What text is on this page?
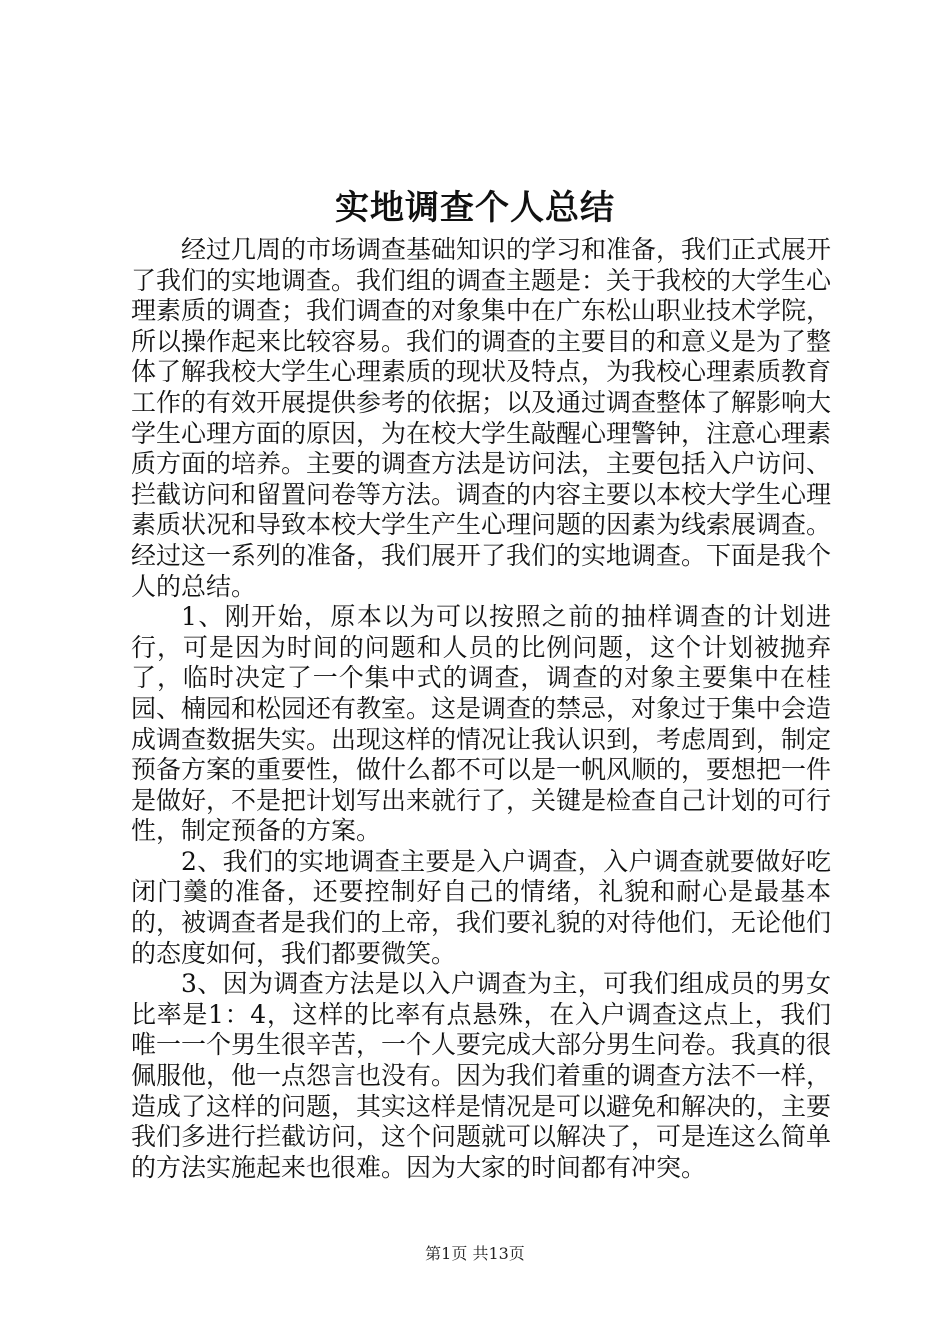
实地调查个人总结

经过几周的市场调查基础知识的学习和准备，我们正式展开了我们的实地调查。我们组的调查主题是：关于我校的大学生心理素质的调查；我们调查的对象集中在广东松山职业技术学院，所以操作起来比较容易。我们的调查的主要目的和意义是为了整体了解我校大学生心理素质的现状及特点，为我校心理素质教育工作的有效开展提供参考的依据；以及通过调查整体了解影响大学生心理方面的原因，为在校大学生敲醒心理警钟，注意心理素质方面的培养。主要的调查方法是访问法，主要包括入户访问、拦截访问和留置问卷等方法。调查的内容主要以本校大学生心理素质状况和导致本校大学生产生心理问题的因素为线索展调查。经过这一系列的准备，我们展开了我们的实地调查。下面是我个人的总结。

1、刚开始，原本以为可以按照之前的抽样调查的计划进行，可是因为时间的问题和人员的比例问题，这个计划被抛弃了，临时决定了一个集中式的调查，调查的对象主要集中在桂园、楠园和松园还有教室。这是调查的禁忌，对象过于集中会造成调查数据失实。出现这样的情况让我认识到，考虑周到，制定预备方案的重要性，做什么都不可以是一帆风顺的，要想把一件是做好，不是把计划写出来就行了，关键是检查自己计划的可行性，制定预备的方案。

2、我们的实地调查主要是入户调查，入户调查就要做好吃闭门羹的准备，还要控制好自己的情绪，礼貌和耐心是最基本的，被调查者是我们的上帝，我们要礼貌的对待他们，无论他们的态度如何，我们都要微笑。

3、因为调查方法是以入户调查为主，可我们组成员的男女比率是1：4，这样的比率有点悬殊，在入户调查这点上，我们唯一一个男生很辛苦，一个人要完成大部分男生问卷。我真的很佩服他，他一点怨言也没有。因为我们着重的调查方法不一样，造成了这样的问题，其实这样是情况是可以避免和解决的，主要我们多进行拦截访问，这个问题就可以解决了，可是连这么简单的方法实施起来也很难。因为大家的时间都有冲突。

第1页 共13页
